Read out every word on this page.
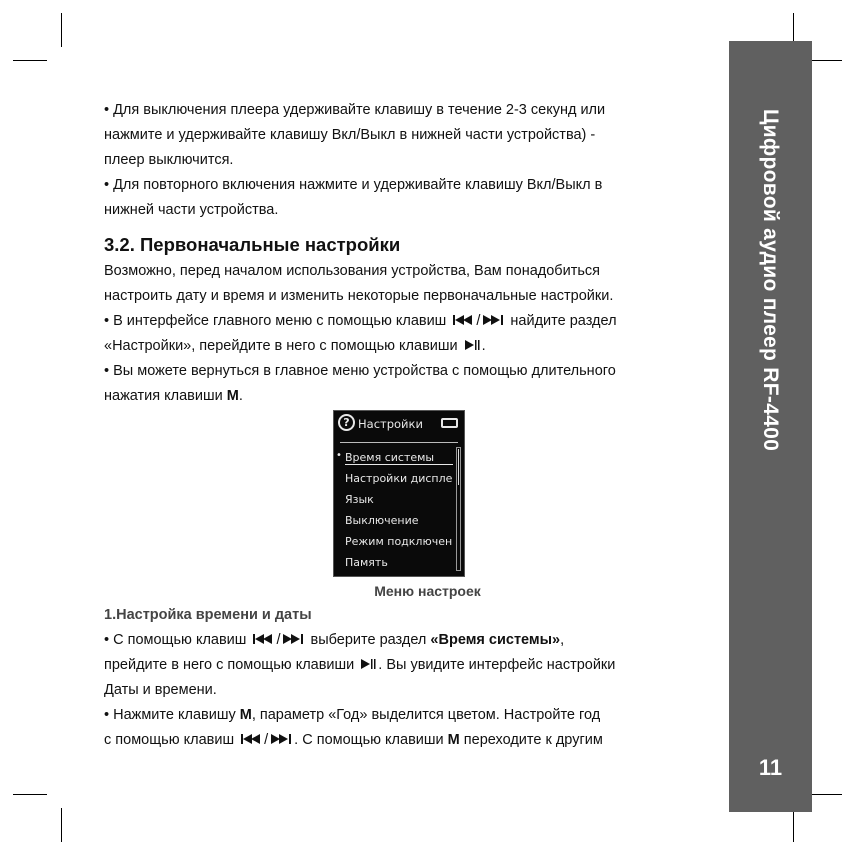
Цифровой аудио плеер RF-4400
11
• Для выключения плеера удерживайте клавишу в течение 2-3 секунд или
нажмите и удерживайте клавишу Вкл/Выкл в нижней части устройства) -
плеер выключится.
• Для повторного включения нажмите и удерживайте клавишу Вкл/Выкл в
нижней части устройства.
3.2. Первоначальные настройки
Возможно, перед началом использования устройства, Вам понадобиться
настроить дату и время и изменить некоторые первоначальные настройки.
• В интерфейсе главного меню с помощью клавиш / найдите раздел
«Настройки», перейдите в него с помощью клавиши .
• Вы можете вернуться в главное меню устройства с помощью длительного
нажатия клавиши M.
1.Настройка времени и даты
• С помощью клавиш / выберите раздел «Время системы»,
прейдите в него с помощью клавиши . Вы увидите интерфейс настройки
Даты и времени.
• Нажмите клавишу M, параметр «Год» выделится цветом. Настройте год
с помощью клавиш / . С помощью клавиши M переходите к другим
? Настройки
• Время системы
Настройки диспле
Язык
Выключение
Режим подключен
Память
Меню настроек
